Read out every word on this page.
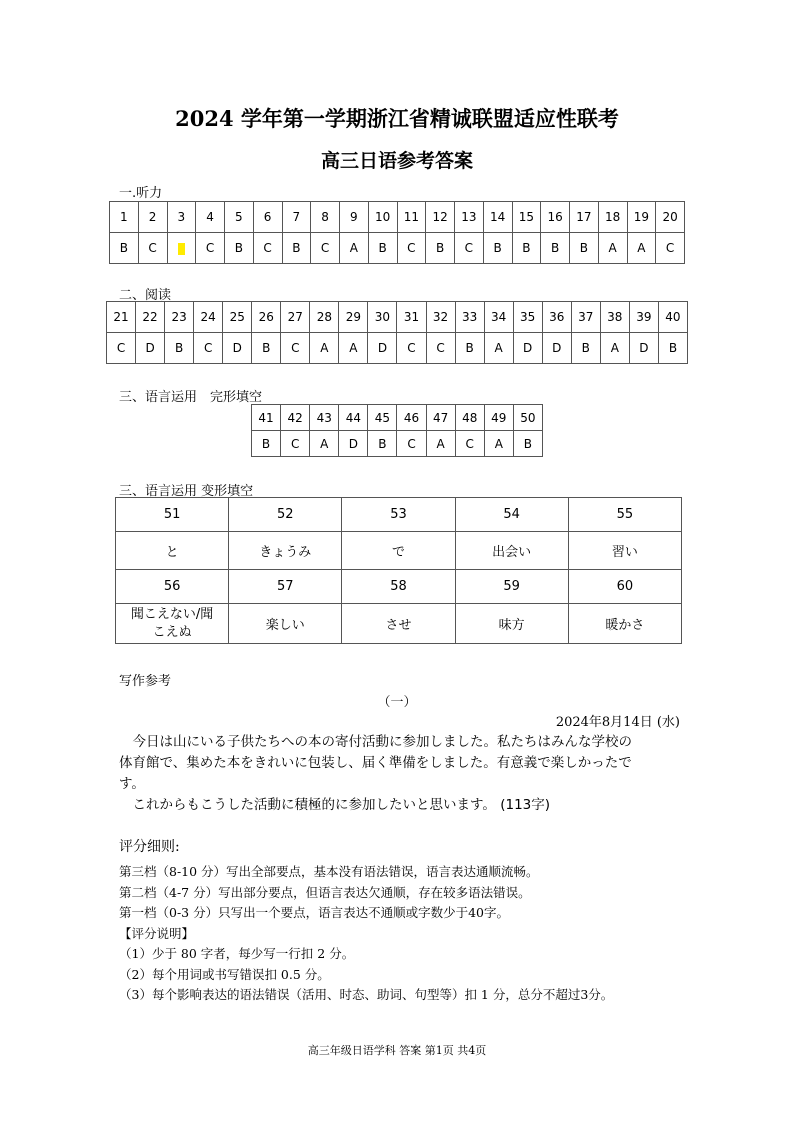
2024 学年第一学期浙江省精诚联盟适应性联考
高三日语参考答案
一.听力
1	2	3	4	5	6	7	8	9	10	11	12	13	14	15	16	17	18	19	20
B	C		C	B	C	B	C	A	B	C	B	C	B	B	B	B	A	A	C
二、阅读
21	22	23	24	25	26	27	28	29	30	31	32	33	34	35	36	37	38	39	40
C	D	B	C	D	B	C	A	A	D	C	C	B	A	D	D	B	A	D	B
三、语言运用　完形填空
41	42	43	44	45	46	47	48	49	50
B	C	A	D	B	C	A	C	A	B
三、语言运用 变形填空
51	52	53	54	55
と	きょうみ	で	出会い	習い
56	57	58	59	60

聞こえない/聞
こえぬ	楽しい	させ	味方	暖かさ
写作参考
（一）
2024年8月14日 (水)
　今日は山にいる子供たちへの本の寄付活動に参加しました。私たちはみんな学校の
体育館で、集めた本をきれいに包装し、届く準備をしました。有意義で楽しかったで
す。
　これからもこうした活動に積極的に参加したいと思います。 (113字)
评分细则:
第三档（8-10 分）写出全部要点，基本没有语法错误，语言表达通顺流畅。
第二档（4-7 分）写出部分要点，但语言表达欠通顺，存在较多语法错误。
第一档（0-3 分）只写出一个要点，语言表达不通顺或字数少于40字。
【评分说明】
（1）少于 80 字者，每少写一行扣 2 分。
（2）每个用词或书写错误扣 0.5 分。
（3）每个影响表达的语法错误（活用、时态、助词、句型等）扣 1 分，总分不超过3分。
高三年级日语学科 答案 第1页 共4页
